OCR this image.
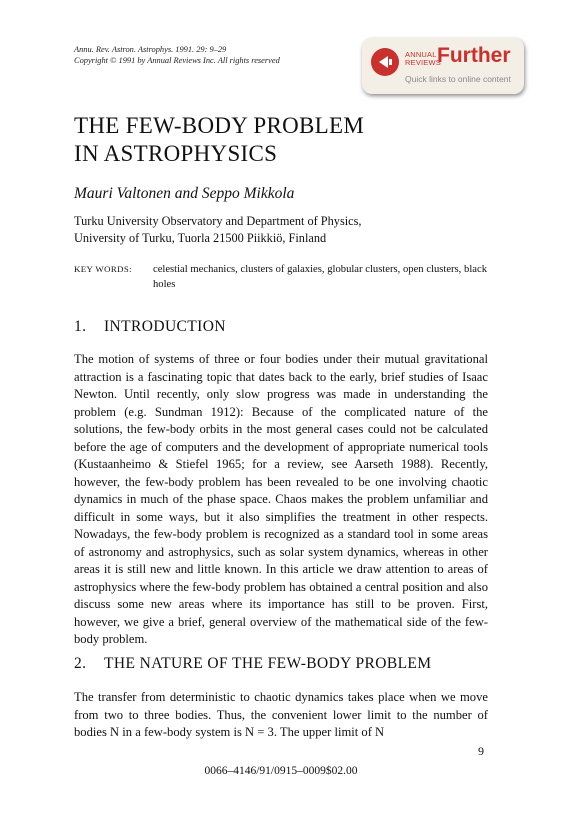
Annu. Rev. Astron. Astrophys. 1991. 29: 9–29
Copyright © 1991 by Annual Reviews Inc. All rights reserved
ANNUAL
REVIEWS
Further
Quick links to online content
THE FEW-BODY PROBLEM
IN ASTROPHYSICS
Mauri Valtonen and Seppo Mikkola
Turku University Observatory and Department of Physics,
University of Turku, Tuorla 21500 Piikkiö, Finland
KEY WORDS: celestial mechanics, clusters of galaxies, globular clusters, open clusters, black holes
1. INTRODUCTION
The motion of systems of three or four bodies under their mutual gravitational attraction is a fascinating topic that dates back to the early, brief studies of Isaac Newton. Until recently, only slow progress was made in understanding the problem (e.g. Sundman 1912): Because of the complicated nature of the solutions, the few-body orbits in the most general cases could not be calculated before the age of computers and the development of appropriate numerical tools (Kustaanheimo & Stiefel 1965; for a review, see Aarseth 1988). Recently, however, the few-body problem has been revealed to be one involving chaotic dynamics in much of the phase space. Chaos makes the problem unfamiliar and difficult in some ways, but it also simplifies the treatment in other respects. Nowadays, the few-body problem is recognized as a standard tool in some areas of astronomy and astrophysics, such as solar system dynamics, whereas in other areas it is still new and little known. In this article we draw attention to areas of astrophysics where the few-body problem has obtained a central position and also discuss some new areas where its importance has still to be proven. First, however, we give a brief, general overview of the mathematical side of the few-body problem.
2. THE NATURE OF THE FEW-BODY PROBLEM
The transfer from deterministic to chaotic dynamics takes place when we move from two to three bodies. Thus, the convenient lower limit to the number of bodies N in a few-body system is N = 3. The upper limit of N
9
0066–4146/91/0915–0009$02.00
